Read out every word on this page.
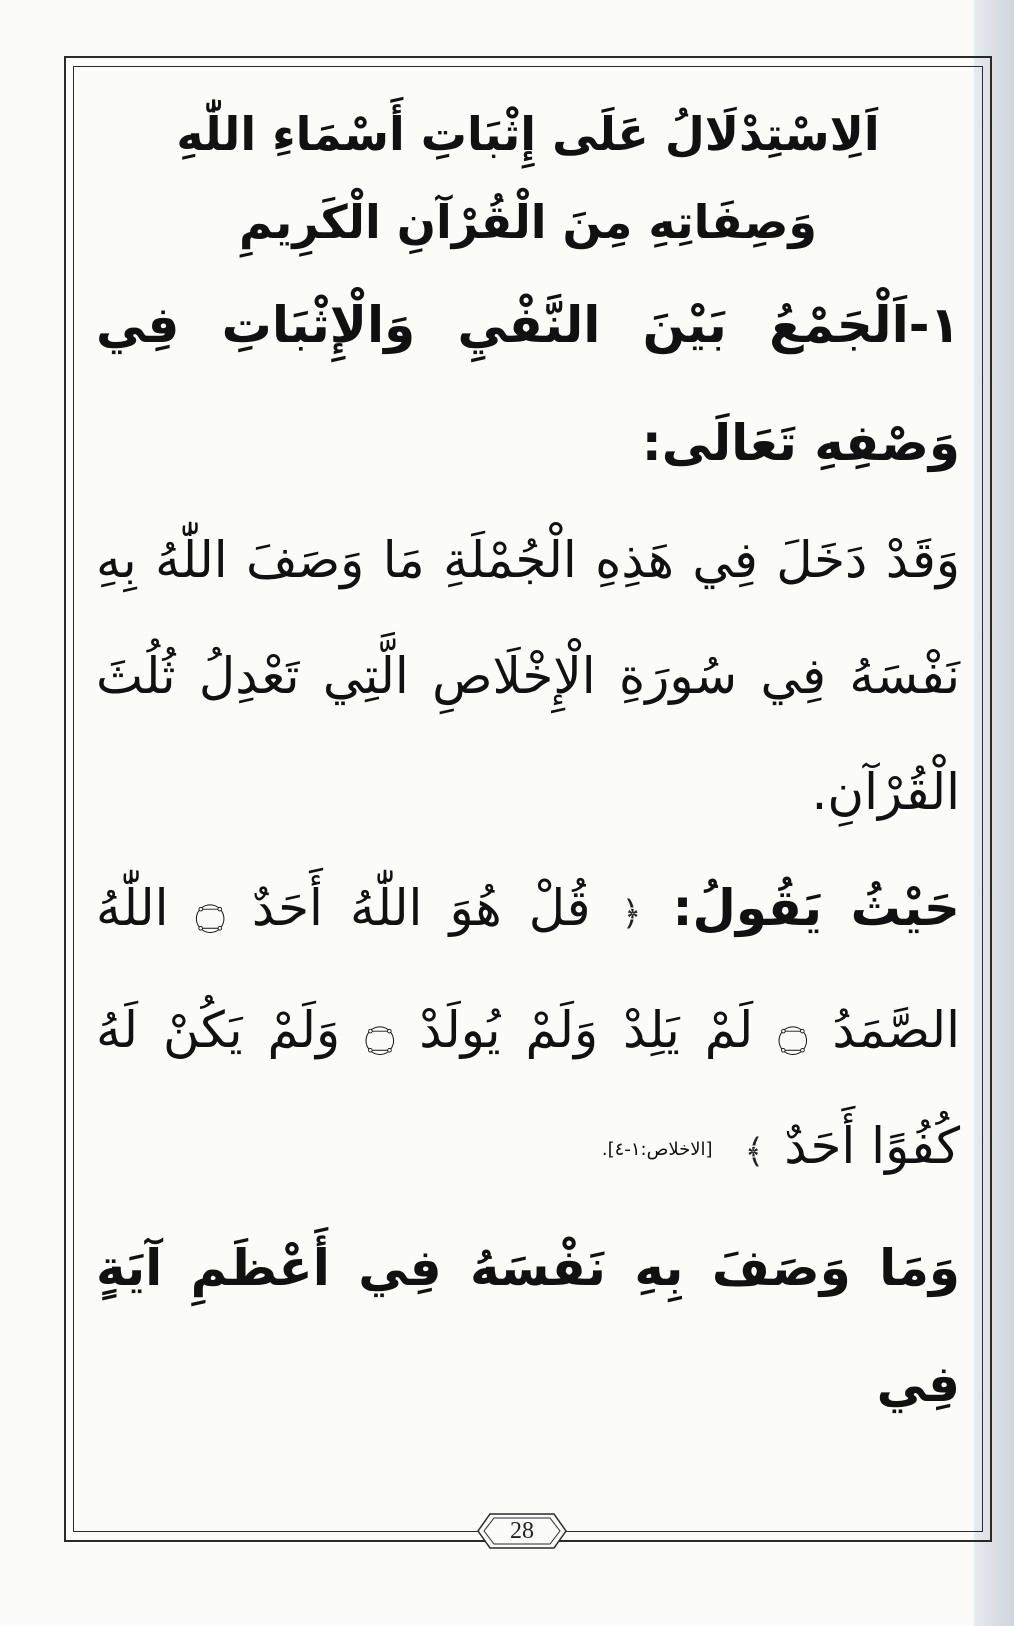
اَلِاسْتِدْلَالُ عَلَى إِثْبَاتِ أَسْمَاءِ اللّٰهِ

وَصِفَاتِهِ مِنَ الْقُرْآنِ الْكَرِيمِ

١-اَلْجَمْعُ بَيْنَ النَّفْيِ وَالْإِثْبَاتِ فِي وَصْفِهِ تَعَالَى:

وَقَدْ دَخَلَ فِي هَذِهِ الْجُمْلَةِ مَا وَصَفَ اللّٰهُ بِهِ نَفْسَهُ فِي سُورَةِ الْإِخْلَاصِ الَّتِي تَعْدِلُ ثُلُثَ الْقُرْآنِ.

حَيْثُ يَقُولُ: ﴿ قُلْ هُوَ اللّٰهُ أَحَدٌ ۝ اللّٰهُ الصَّمَدُ ۝ لَمْ يَلِدْ وَلَمْ يُولَدْ ۝ وَلَمْ يَكُنْ لَهُ كُفُوًا أَحَدٌ ﴾ [الاخلاص:١-٤].

وَمَا وَصَفَ بِهِ نَفْسَهُ فِي أَعْظَمِ آيَةٍ فِي

28
